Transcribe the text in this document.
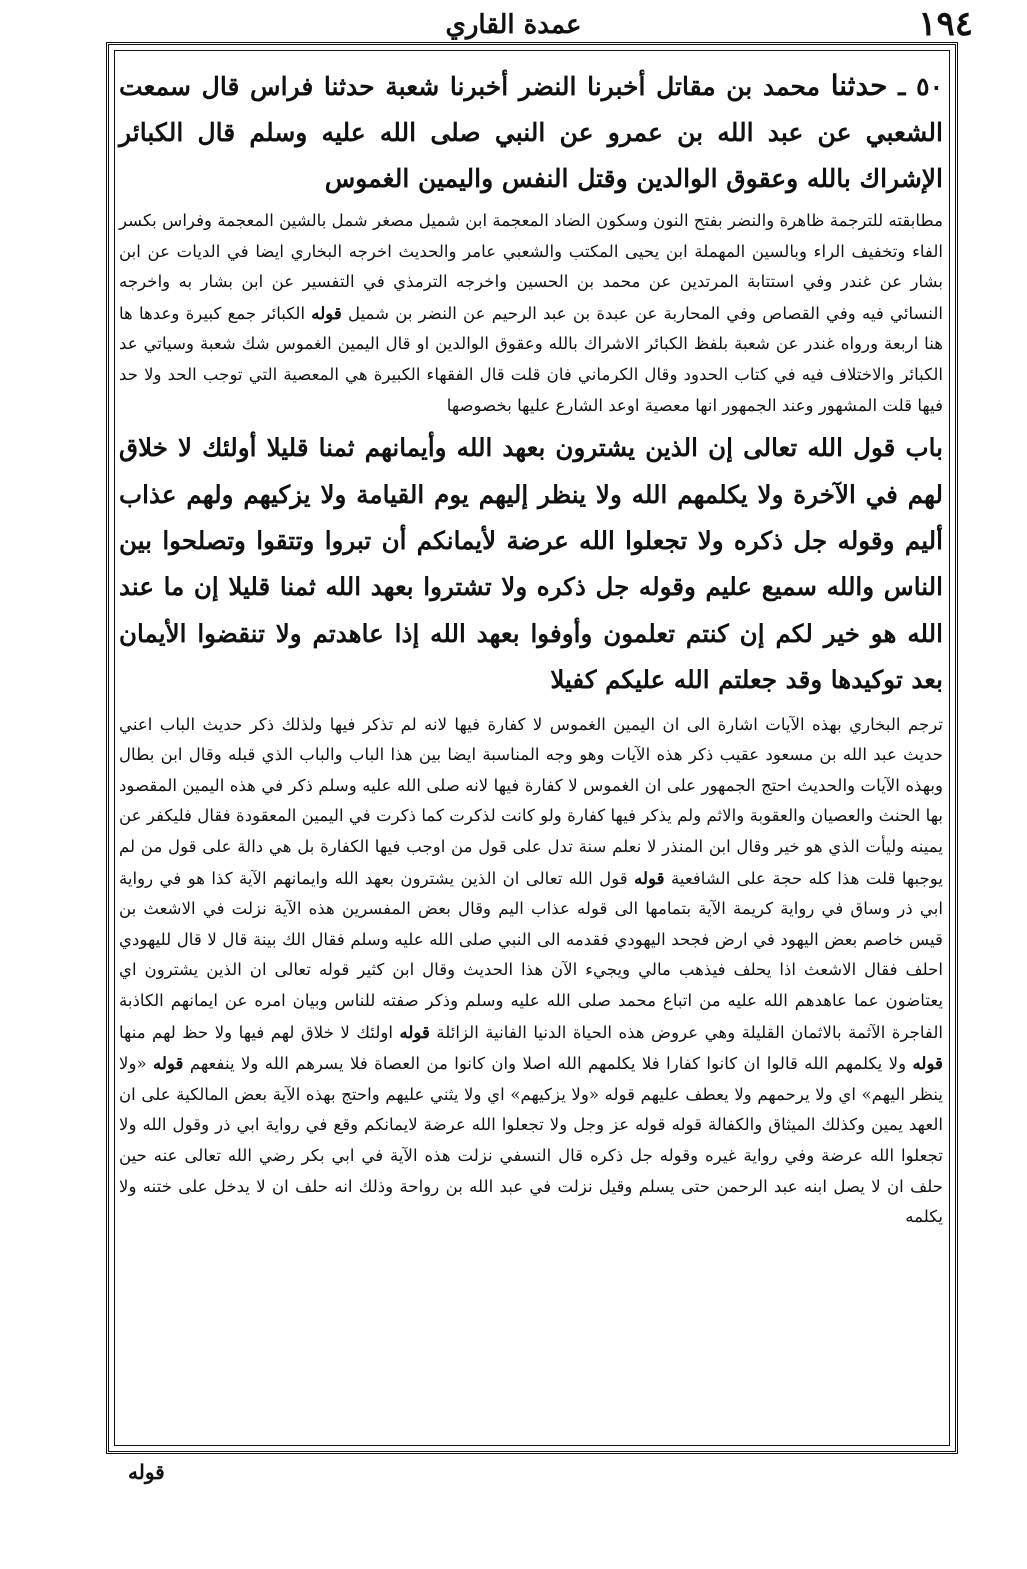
١٩٤
عمدة القاري

٥٠ ـ حدثنا محمد بن مقاتل أخبرنا النضر أخبرنا شعبة حدثنا فراس قال سمعت الشعبي عن عبد الله بن عمرو عن النبي صلى الله عليه وسلم قال الكبائر الإشراك بالله وعقوق الوالدين وقتل النفس واليمين الغموس

مطابقته للترجمة ظاهرة والنضر بفتح النون وسكون الضاد المعجمة ابن شميل مصغر شمل بالشين المعجمة وفراس بكسر الفاء وتخفيف الراء وبالسين المهملة ابن يحيى المكتب والشعبي عامر والحديث اخرجه البخاري ايضا في الديات عن ابن بشار عن غندر وفي استتابة المرتدين عن محمد بن الحسين واخرجه الترمذي في التفسير عن ابن بشار به واخرجه النسائي فيه وفي القصاص وفي المحاربة عن عبدة بن عبد الرحيم عن النضر بن شميل قوله الكبائر جمع كبيرة وعدها ها هنا اربعة ورواه غندر عن شعبة بلفظ الكبائر الاشراك بالله وعقوق الوالدين او قال اليمين الغموس شك شعبة وسياتي عد الكبائر والاختلاف فيه في كتاب الحدود وقال الكرماني فان قلت قال الفقهاء الكبيرة هي المعصية التي توجب الحد ولا حد فيها قلت المشهور وعند الجمهور انها معصية اوعد الشارع عليها بخصوصها

باب قول الله تعالى إن الذين يشترون بعهد الله وأيمانهم ثمنا قليلا أولئك لا خلاق لهم في الآخرة ولا يكلمهم الله ولا ينظر إليهم يوم القيامة ولا يزكيهم ولهم عذاب أليم وقوله جل ذكره ولا تجعلوا الله عرضة لأيمانكم أن تبروا وتتقوا وتصلحوا بين الناس والله سميع عليم وقوله جل ذكره ولا تشتروا بعهد الله ثمنا قليلا إن ما عند الله هو خير لكم إن كنتم تعلمون وأوفوا بعهد الله إذا عاهدتم ولا تنقضوا الأيمان بعد توكيدها وقد جعلتم الله عليكم كفيلا

ترجم البخاري بهذه الآيات اشارة الى ان اليمين الغموس لا كفارة فيها لانه لم تذكر فيها ولذلك ذكر حديث الباب اعني حديث عبد الله بن مسعود عقيب ذكر هذه الآيات وهو وجه المناسبة ايضا بين هذا الباب والباب الذي قبله وقال ابن بطال وبهذه الآيات والحديث احتج الجمهور على ان الغموس لا كفارة فيها لانه صلى الله عليه وسلم ذكر في هذه اليمين المقصود بها الحنث والعصيان والعقوبة والاثم ولم يذكر فيها كفارة ولو كانت لذكرت كما ذكرت في اليمين المعقودة فقال فليكفر عن يمينه وليأت الذي هو خير وقال ابن المنذر لا نعلم سنة تدل على قول من اوجب فيها الكفارة بل هي دالة على قول من لم يوجبها قلت هذا كله حجة على الشافعية قوله قول الله تعالى ان الذين يشترون بعهد الله وايمانهم الآية كذا هو في رواية ابي ذر وساق في رواية كريمة الآية بتمامها الى قوله عذاب اليم وقال بعض المفسرين هذه الآية نزلت في الاشعث بن قيس خاصم بعض اليهود في ارض فجحد اليهودي فقدمه الى النبي صلى الله عليه وسلم فقال الك بينة قال لا قال لليهودي احلف فقال الاشعث اذا يحلف فيذهب مالي ويجيء الآن هذا الحديث وقال ابن كثير قوله تعالى ان الذين يشترون اي يعتاضون عما عاهدهم الله عليه من اتباع محمد صلى الله عليه وسلم وذكر صفته للناس وبيان امره عن ايمانهم الكاذبة الفاجرة الآثمة بالاثمان القليلة وهي عروض هذه الحياة الدنيا الفانية الزائلة قوله اولئك لا خلاق لهم فيها ولا حظ لهم منها قوله ولا يكلمهم الله قالوا ان كانوا كفارا فلا يكلمهم الله اصلا وان كانوا من العصاة فلا يسرهم الله ولا ينفعهم قوله «ولا ينظر اليهم» اي ولا يرحمهم ولا يعطف عليهم قوله «ولا يزكيهم» اي ولا يثني عليهم واحتج بهذه الآية بعض المالكية على ان العهد يمين وكذلك الميثاق والكفالة قوله قوله عز وجل ولا تجعلوا الله عرضة لايمانكم وقع في رواية ابي ذر وقول الله ولا تجعلوا الله عرضة وفي رواية غيره وقوله جل ذكره قال النسفي نزلت هذه الآية في ابي بكر رضي الله تعالى عنه حين حلف ان لا يصل ابنه عبد الرحمن حتى يسلم وقيل نزلت في عبد الله بن رواحة وذلك انه حلف ان لا يدخل على ختنه ولا يكلمه

قوله
